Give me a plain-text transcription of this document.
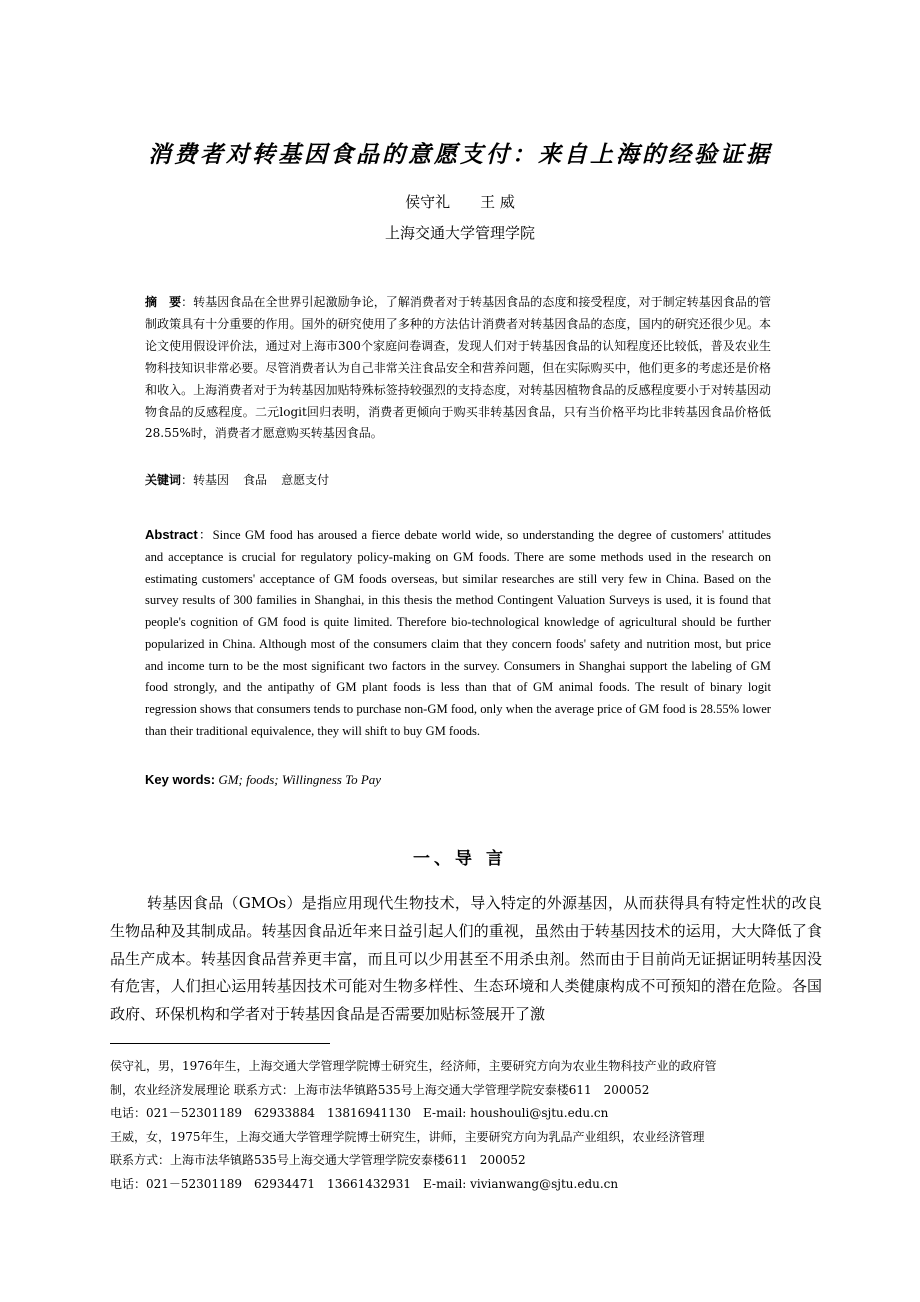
消费者对转基因食品的意愿支付：来自上海的经验证据

侯守礼　　王 威

上海交通大学管理学院

摘　要：转基因食品在全世界引起激励争论，了解消费者对于转基因食品的态度和接受程度，对于制定转基因食品的管制政策具有十分重要的作用。国外的研究使用了多种的方法估计消费者对转基因食品的态度，国内的研究还很少见。本论文使用假设评价法，通过对上海市300个家庭问卷调查，发现人们对于转基因食品的认知程度还比较低，普及农业生物科技知识非常必要。尽管消费者认为自己非常关注食品安全和营养问题，但在实际购买中，他们更多的考虑还是价格和收入。上海消费者对于为转基因加贴特殊标签持较强烈的支持态度，对转基因植物食品的反感程度要小于对转基因动物食品的反感程度。二元logit回归表明，消费者更倾向于购买非转基因食品，只有当价格平均比非转基因食品价格低28.55%时，消费者才愿意购买转基因食品。

关键词：转基因 食品 意愿支付

Abstract：Since GM food has aroused a fierce debate world wide, so understanding the degree of customers' attitudes and acceptance is crucial for regulatory policy-making on GM foods. There are some methods used in the research on estimating customers' acceptance of GM foods overseas, but similar researches are still very few in China. Based on the survey results of 300 families in Shanghai, in this thesis the method Contingent Valuation Surveys is used, it is found that people's cognition of GM food is quite limited. Therefore bio-technological knowledge of agricultural should be further popularized in China. Although most of the consumers claim that they concern foods' safety and nutrition most, but price and income turn to be the most significant two factors in the survey. Consumers in Shanghai support the labeling of GM food strongly, and the antipathy of GM plant foods is less than that of GM animal foods. The result of binary logit regression shows that consumers tends to purchase non-GM food, only when the average price of GM food is 28.55% lower than their traditional equivalence, they will shift to buy GM foods.

Key words: GM; foods; Willingness To Pay

一、导 言

转基因食品（GMOs）是指应用现代生物技术，导入特定的外源基因，从而获得具有特定性状的改良生物品种及其制成品。转基因食品近年来日益引起人们的重视，虽然由于转基因技术的运用，大大降低了食品生产成本。转基因食品营养更丰富，而且可以少用甚至不用杀虫剂。然而由于目前尚无证据证明转基因没有危害，人们担心运用转基因技术可能对生物多样性、生态环境和人类健康构成不可预知的潜在危险。各国政府、环保机构和学者对于转基因食品是否需要加贴标签展开了激

侯守礼，男，1976年生，上海交通大学管理学院博士研究生，经济师，主要研究方向为农业生物科技产业的政府管
制，农业经济发展理论 联系方式：上海市法华镇路535号上海交通大学管理学院安泰楼611　200052
电话：021－52301189　62933884　13816941130　E-mail: houshouli@sjtu.edu.cn
王威，女，1975年生，上海交通大学管理学院博士研究生，讲师，主要研究方向为乳品产业组织，农业经济管理
联系方式：上海市法华镇路535号上海交通大学管理学院安泰楼611　200052
电话：021－52301189　62934471　13661432931　E-mail: vivianwang@sjtu.edu.cn
